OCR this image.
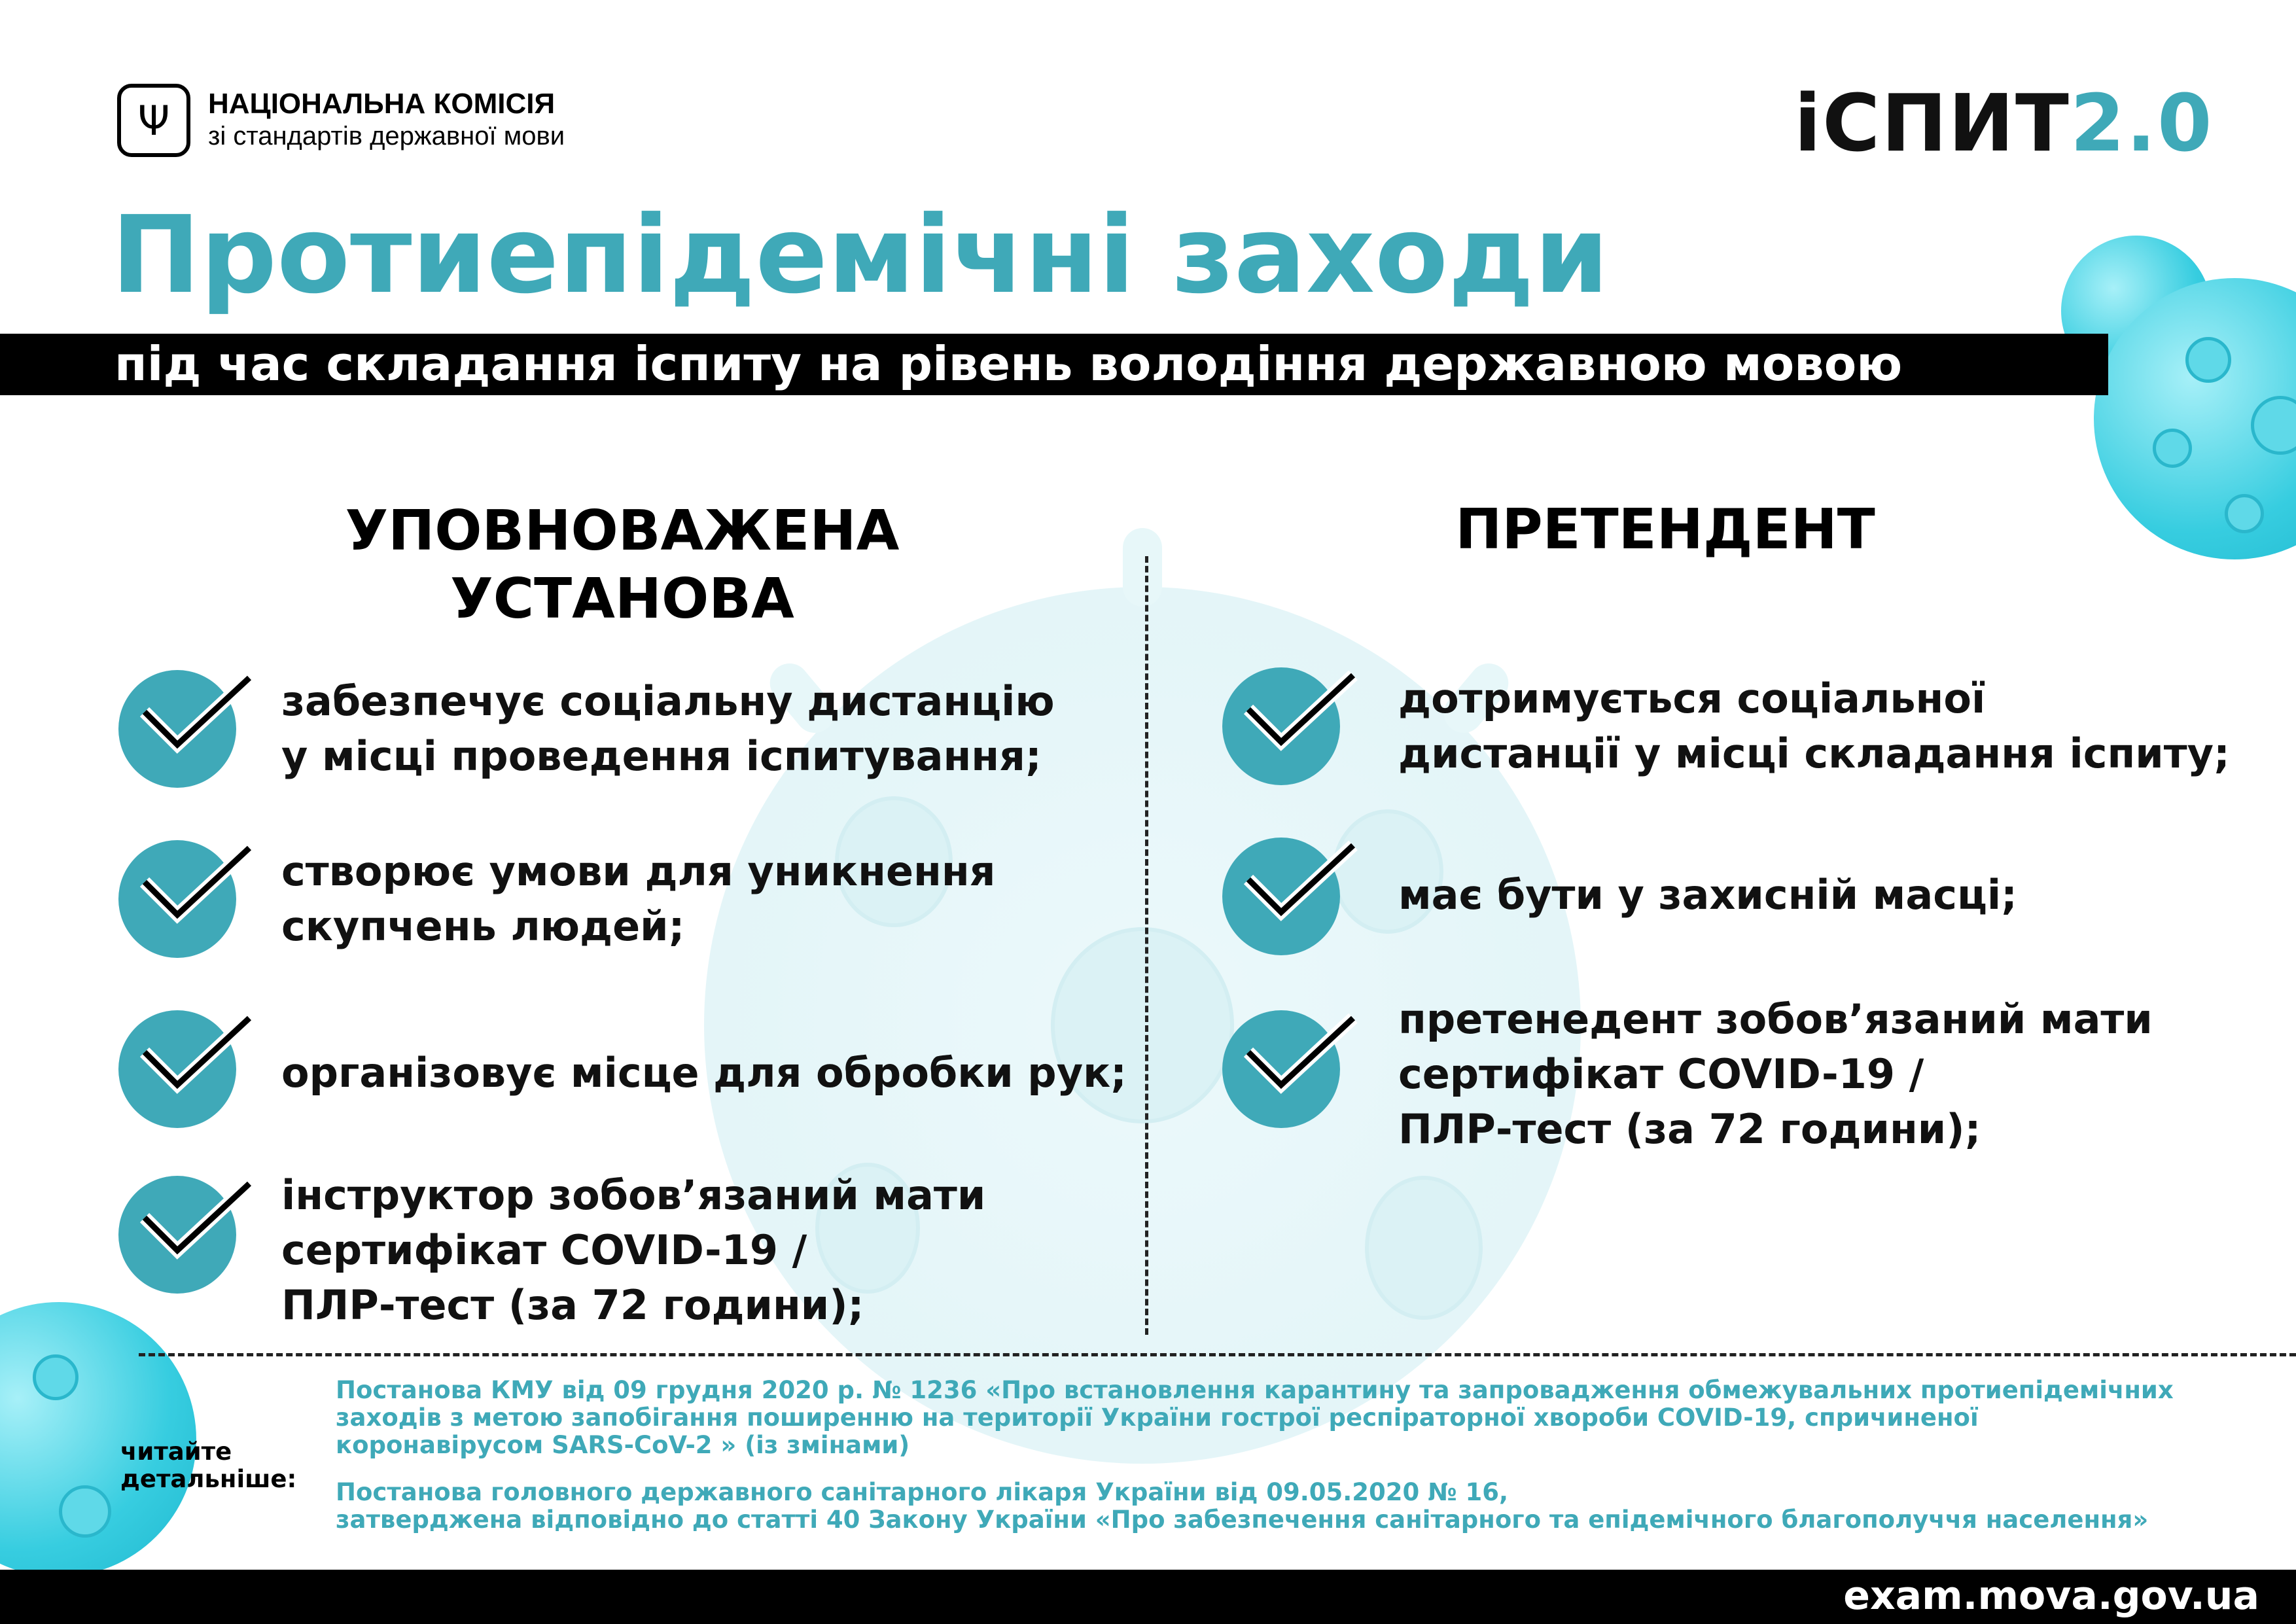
Ψ	НАЦІОНАЛЬНА КОМІСІЯ
зі стандартів державної мови	іСПИТ2.0
Протиепідемічні заходи
під час складання іспиту на рівень володіння державною мовою
УПОВНОВАЖЕНА
УСТАНОВА
ПРЕТЕНДЕНТ
забезпечує соціальну дистанцію
у місці проведення іспитування;
створює умови для уникнення
скупчень людей;
організовує місце для обробки рук;
інструктор зобов’язаний мати
сертифікат COVID-19 /
ПЛР-тест (за 72 години);
дотримується соціальної
дистанції у місці складання іспиту;
має бути у захисній масці;
претенедент зобов’язаний мати
сертифікат COVID-19 /
ПЛР-тест (за 72 години);
читайте
детальніше:
Постанова КМУ від 09 грудня 2020 р. № 1236 «Про встановлення карантину та запровадження обмежувальних протиепідемічних
заходів з метою запобігання поширенню на території України гострої респіраторної хвороби COVID-19, спричиненої
коронавірусом SARS-CoV-2 » (із змінами)
Постанова головного державного санітарного лікаря України від 09.05.2020 № 16,
затверджена відповідно до статті 40 Закону України «Про забезпечення санітарного та епідемічного благополуччя населення»
exam.mova.gov.ua
